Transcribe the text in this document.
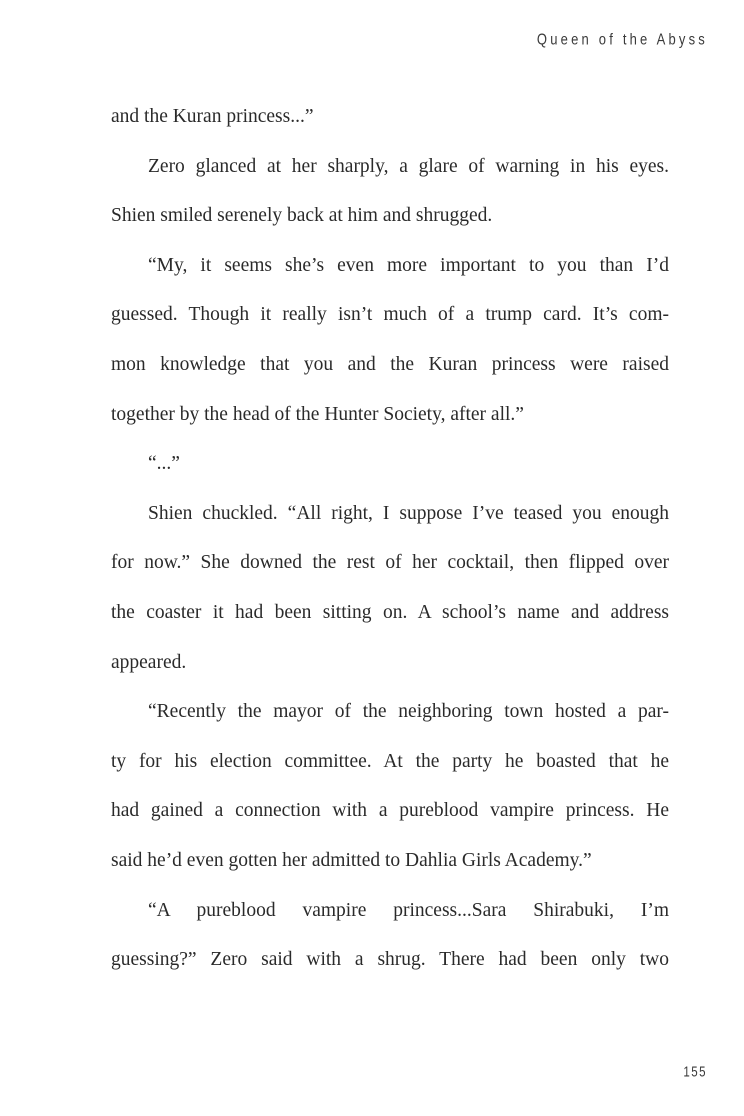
Queen of the Abyss
and the Kuran princess...”
Zero glanced at her sharply, a glare of warning in his eyes.
Shien smiled serenely back at him and shrugged.
“My, it seems she’s even more important to you than I’d
guessed. Though it really isn’t much of a trump card. It’s com-
mon knowledge that you and the Kuran princess were raised
together by the head of the Hunter Society, after all.”
“...”
Shien chuckled. “All right, I suppose I’ve teased you enough
for now.” She downed the rest of her cocktail, then flipped over
the coaster it had been sitting on. A school’s name and address
appeared.
“Recently the mayor of the neighboring town hosted a par-
ty for his election committee. At the party he boasted that he
had gained a connection with a pureblood vampire princess. He
said he’d even gotten her admitted to Dahlia Girls Academy.”
“A pureblood vampire princess...Sara Shirabuki, I’m
guessing?” Zero said with a shrug. There had been only two
155
